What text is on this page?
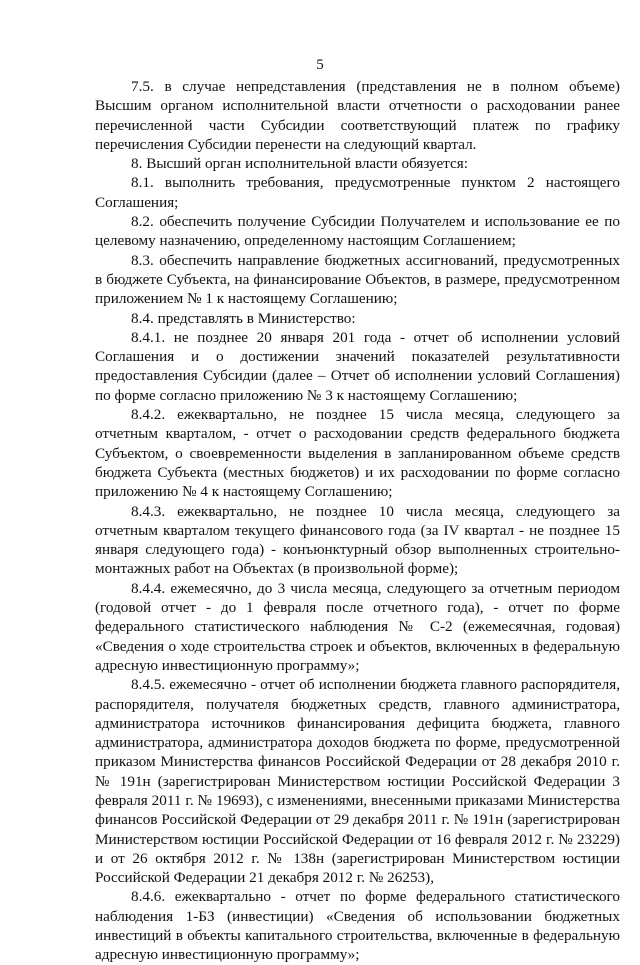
5

7.5. в случае непредставления (представления не в полном объеме) Высшим органом исполнительной власти отчетности о расходовании ранее перечисленной части Субсидии соответствующий платеж по графику перечисления Субсидии перенести на следующий квартал.

8. Высший орган исполнительной власти обязуется:

8.1. выполнить требования, предусмотренные пунктом 2 настоящего Соглашения;

8.2. обеспечить получение Субсидии Получателем и использование ее по целевому назначению, определенному настоящим Соглашением;

8.3. обеспечить направление бюджетных ассигнований, предусмотренных в бюджете Субъекта, на финансирование Объектов, в размере, предусмотренном приложением № 1 к настоящему Соглашению;

8.4. представлять в Министерство:

8.4.1. не позднее 20 января 201 года - отчет об исполнении условий Соглашения и о достижении значений показателей результативности предоставления Субсидии (далее – Отчет об исполнении условий Соглашения) по форме согласно приложению № 3 к настоящему Соглашению;

8.4.2. ежеквартально, не позднее 15 числа месяца, следующего за отчетным кварталом, - отчет о расходовании средств федерального бюджета Субъектом, о своевременности выделения в запланированном объеме средств бюджета Субъекта (местных бюджетов) и их расходовании по форме согласно приложению № 4 к настоящему Соглашению;

8.4.3. ежеквартально, не позднее 10 числа месяца, следующего за отчетным кварталом текущего финансового года (за IV квартал - не позднее 15 января следующего года) - конъюнктурный обзор выполненных строительно-монтажных работ на Объектах (в произвольной форме);

8.4.4. ежемесячно, до 3 числа месяца, следующего за отчетным периодом (годовой отчет - до 1 февраля после отчетного года), - отчет по форме федерального статистического наблюдения № С-2 (ежемесячная, годовая) «Сведения о ходе строительства строек и объектов, включенных в федеральную адресную инвестиционную программу»;

8.4.5. ежемесячно - отчет об исполнении бюджета главного распорядителя, распорядителя, получателя бюджетных средств, главного администратора, администратора источников финансирования дефицита бюджета, главного администратора, администратора доходов бюджета по форме, предусмотренной приказом Министерства финансов Российской Федерации от 28 декабря 2010 г. № 191н (зарегистрирован Министерством юстиции Российской Федерации 3 февраля 2011 г. № 19693), с изменениями, внесенными приказами Министерства финансов Российской Федерации от 29 декабря 2011 г. № 191н (зарегистрирован Министерством юстиции Российской Федерации от 16 февраля 2012 г. № 23229) и от 26 октября 2012 г. № 138н (зарегистрирован Министерством юстиции Российской Федерации 21 декабря 2012 г. № 26253),

8.4.6. ежеквартально - отчет по форме федерального статистического наблюдения 1-БЗ (инвестиции) «Сведения об использовании бюджетных инвестиций в объекты капитального строительства, включенные в федеральную адресную инвестиционную программу»;
